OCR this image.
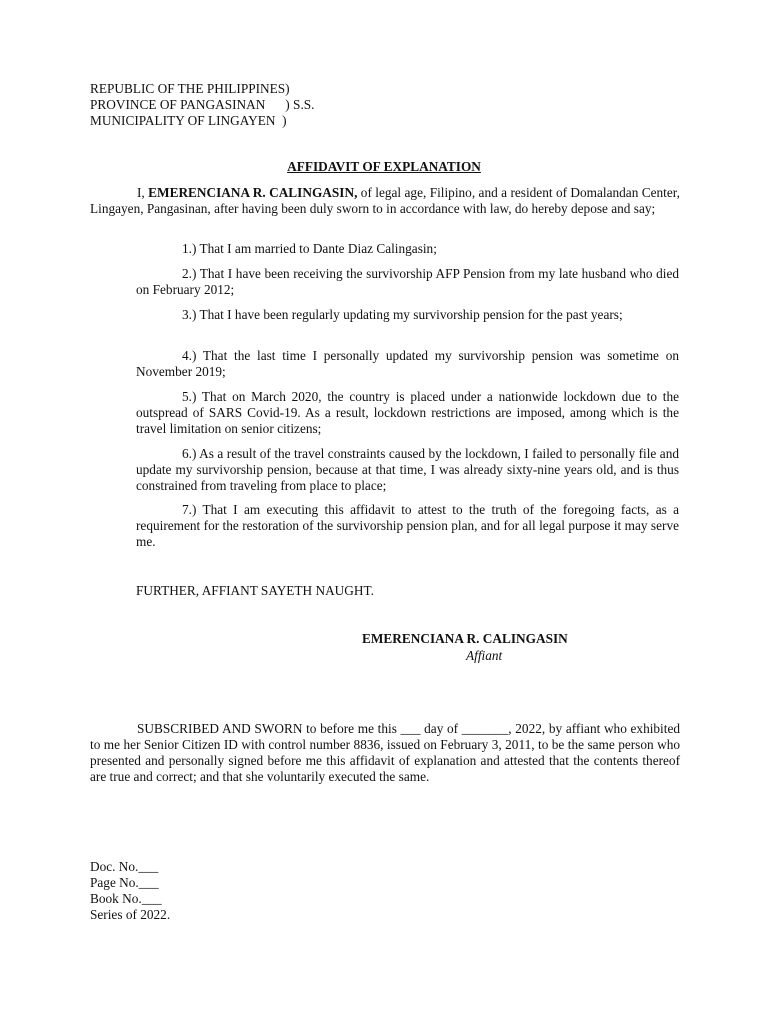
REPUBLIC OF THE PHILIPPINES)
PROVINCE OF PANGASINAN      ) S.S.
MUNICIPALITY OF LINGAYEN  )
AFFIDAVIT OF EXPLANATION
I, EMERENCIANA R. CALINGASIN, of legal age, Filipino, and a resident of Domalandan Center, Lingayen, Pangasinan, after having been duly sworn to in accordance with law, do hereby depose and say;
1.) That I am married to Dante Diaz Calingasin;
2.) That I have been receiving the survivorship AFP Pension from my late husband who died on February 2012;
3.) That I have been regularly updating my survivorship pension for the past years;
4.) That the last time I personally updated my survivorship pension was sometime on November 2019;
5.) That on March 2020, the country is placed under a nationwide lockdown due to the outspread of SARS Covid-19. As a result, lockdown restrictions are imposed, among which is the travel limitation on senior citizens;
6.) As a result of the travel constraints caused by the lockdown, I failed to personally file and update my survivorship pension, because at that time, I was already sixty-nine years old, and is thus constrained from traveling from place to place;
7.) That I am executing this affidavit to attest to the truth of the foregoing facts, as a requirement for the restoration of the survivorship pension plan, and for all legal purpose it may serve me.
FURTHER, AFFIANT SAYETH NAUGHT.
EMERENCIANA R. CALINGASIN
Affiant
SUBSCRIBED AND SWORN to before me this ___ day of _______, 2022, by affiant who exhibited to me her Senior Citizen ID with control number 8836, issued on February 3, 2011, to be the same person who presented and personally signed before me this affidavit of explanation and attested that the contents thereof are true and correct; and that she voluntarily executed the same.
Doc. No.___
Page No.___
Book No.___
Series of 2022.
